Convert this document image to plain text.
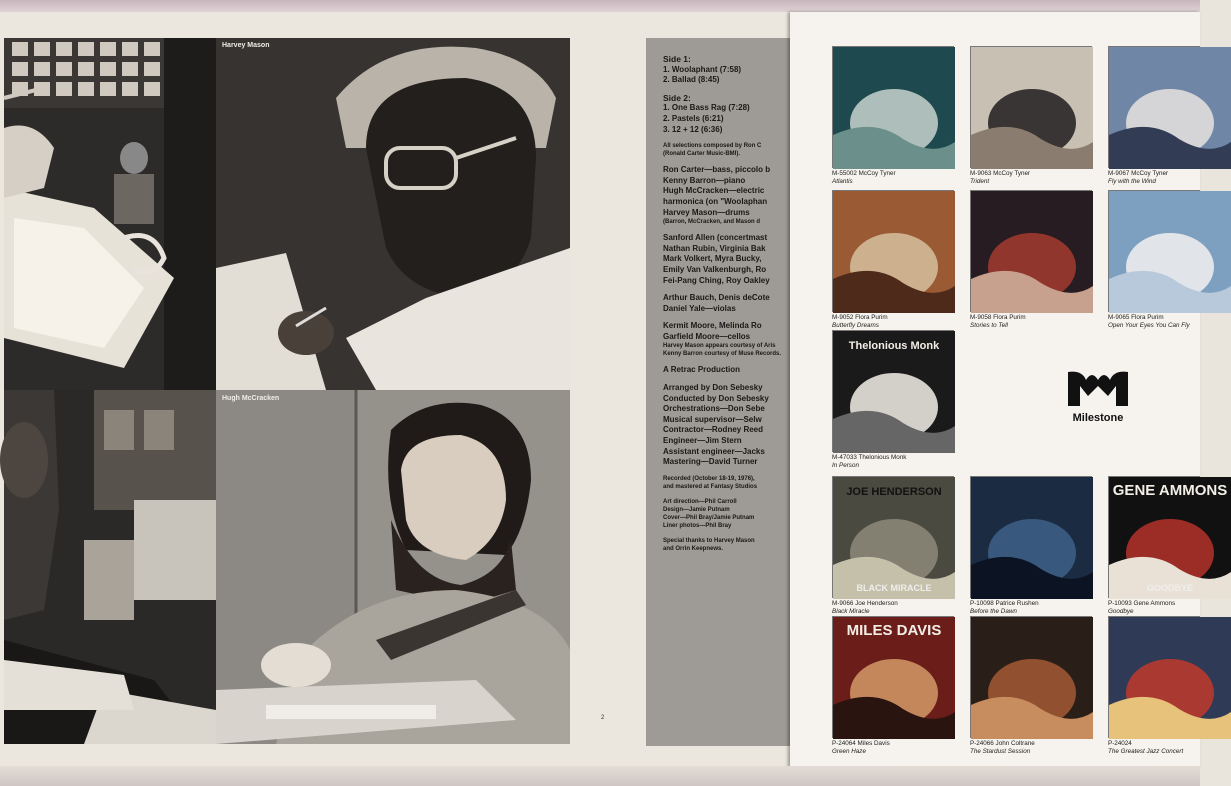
Harvey Mason
Hugh McCracken
Side 1:
1. Woolaphant (7:58)
2. Ballad (8:45)
Side 2:
1. One Bass Rag (7:28)
2. Pastels (6:21)
3. 12 + 12 (6:36)
All selections composed by Ron C
(Ronald Carter Music-BMI).
Ron Carter—bass, piccolo b
Kenny Barron—piano
Hugh McCracken—electric
harmonica (on "Woolaphan
Harvey Mason—drums
(Barron, McCracken, and Mason d
Sanford Allen (concertmast
Nathan Rubin, Virginia Bak
Mark Volkert, Myra Bucky,
Emily Van Valkenburgh, Ro
Fei-Pang Ching, Roy Oakley
Arthur Bauch, Denis deCote
Daniel Yale—violas
Kermit Moore, Melinda Ro
Garfield Moore—cellos
Harvey Mason appears courtesy of Aris
Kenny Barron courtesy of Muse Records.
A Retrac Production
Arranged by Don Sebesky
Conducted by Don Sebesky
Orchestrations—Don Sebe
Musical supervisor—Selw
Contractor—Rodney Reed
Engineer—Jim Stern
Assistant engineer—Jacks
Mastering—David Turner
Recorded (October 18-19, 1976),
and mastered at Fantasy Studios
Art direction—Phil Carroll
Design—Jamie Putnam
Cover—Phil Bray/Jamie Putnam
Liner photos—Phil Bray
Special thanks to Harvey Mason
and Orrin Keepnews.
2
M-55002 McCoy Tyner
Atlantis
M-9063 McCoy Tyner
Trident
M-9067 McCoy Tyner
Fly with the Wind
M-9052 Flora Purim
Butterfly Dreams
M-9058 Flora Purim
Stories to Tell
M-9065 Flora Purim
Open Your Eyes You Can Fly
Thelonious Monk
M-47033 Thelonious Monk
In Person
JOE HENDERSON
BLACK MIRACLE
M-9066 Joe Henderson
Black Miracle
P-10098 Patrice Rushen
Before the Dawn
GENE AMMONS
GOODBYE
P-10093 Gene Ammons
Goodbye
MILES DAVIS
P-24064 Miles Davis
Green Haze
P-24066 John Coltrane
The Stardust Session
P-24024
The Greatest Jazz Concert
Milestone
